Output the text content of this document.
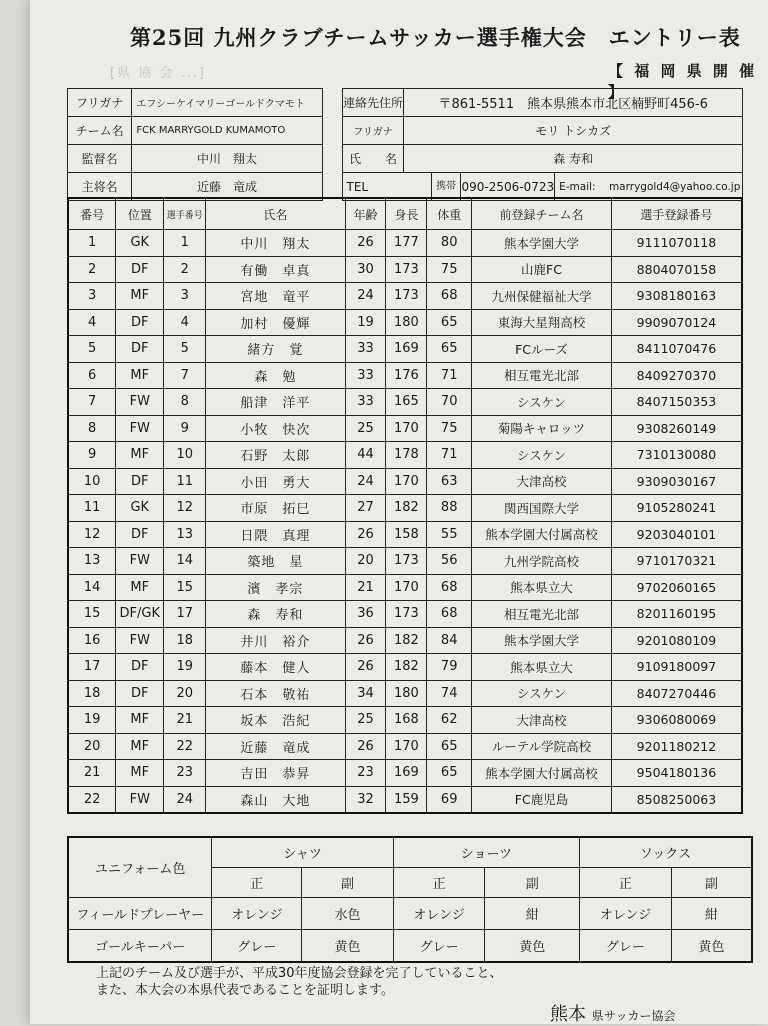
第25回 九州クラブチームサッカー選手権大会　エントリー表
[県 協 会 ...]	【 福 岡 県 開 催 】
フリガナ	エフシーケイマリーゴールドクマモト		連絡先住所	〒861-5511　熊本県熊本市北区楠野町456-6			
チーム名	FCK MARRYGOLD KUMAMOTO		フリガナ	モリ トシカズ			
監督名	中川　翔太		氏　　名	森 寿和			
主将名	近藤　竜成		TEL		携帯	090-2506-0723	E-mail: marrygold4@yahoo.co.jp
番号	位置	選手番号	氏名	年齢	身長	体重	前登録チーム名	選手登録番号
1	GK	1	中川　翔太	26	177	80	熊本学園大学	9111070118
2	DF	2	有働　卓真	30	173	75	山鹿FC	8804070158
3	MF	3	宮地　竜平	24	173	68	九州保健福祉大学	9308180163
4	DF	4	加村　優輝	19	180	65	東海大星翔高校	9909070124
5	DF	5	緒方　覚	33	169	65	FCルーズ	8411070476
6	MF	7	森　勉	33	176	71	相互電光北部	8409270370
7	FW	8	船津　洋平	33	165	70	シスケン	8407150353
8	FW	9	小牧　快次	25	170	75	菊陽キャロッツ	9308260149
9	MF	10	石野　太郎	44	178	71	シスケン	7310130080
10	DF	11	小田　勇大	24	170	63	大津高校	9309030167
11	GK	12	市原　拓巳	27	182	88	関西国際大学	9105280241
12	DF	13	日隈　真理	26	158	55	熊本学園大付属高校	9203040101
13	FW	14	築地　星	20	173	56	九州学院高校	9710170321
14	MF	15	濱　孝宗	21	170	68	熊本県立大	9702060165
15	DF/GK	17	森　寿和	36	173	68	相互電光北部	8201160195
16	FW	18	井川　裕介	26	182	84	熊本学園大学	9201080109
17	DF	19	藤本　健人	26	182	79	熊本県立大	9109180097
18	DF	20	石本　敬祐	34	180	74	シスケン	8407270446
19	MF	21	坂本　浩紀	25	168	62	大津高校	9306080069
20	MF	22	近藤　竜成	26	170	65	ルーテル学院高校	9201180212
21	MF	23	吉田　恭昇	23	169	65	熊本学園大付属高校	9504180136
22	FW	24	森山　大地	32	159	69	FC鹿児島	8508250063
ユニフォーム色	シャツ		ショーツ		ソックス	
	正	副	正	副	正	副
フィールドプレーヤー	オレンジ	水色	オレンジ	紺	オレンジ	紺
ゴールキーパー	グレー	黄色	グレー	黄色	グレー	黄色
上記のチーム及び選手が、平成30年度協会登録を完了していること、
また、本大会の本県代表であることを証明します。
熊本 県サッカー協会
